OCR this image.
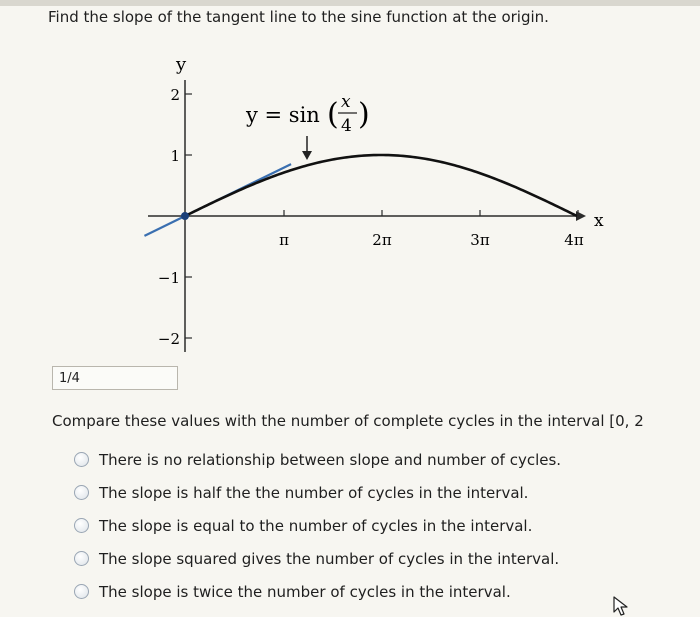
Find the slope of the tangent line to the sine function at the origin.
y
x
2
1
−1
−2
π	2π	3π	4π
y = sin ( x
4 )
1/4
Compare these values with the number of complete cycles in the interval [0, 2
There is no relationship between slope and number of cycles.
The slope is half the the number of cycles in the interval.
The slope is equal to the number of cycles in the interval.
The slope squared gives the number of cycles in the interval.
The slope is twice the number of cycles in the interval.
